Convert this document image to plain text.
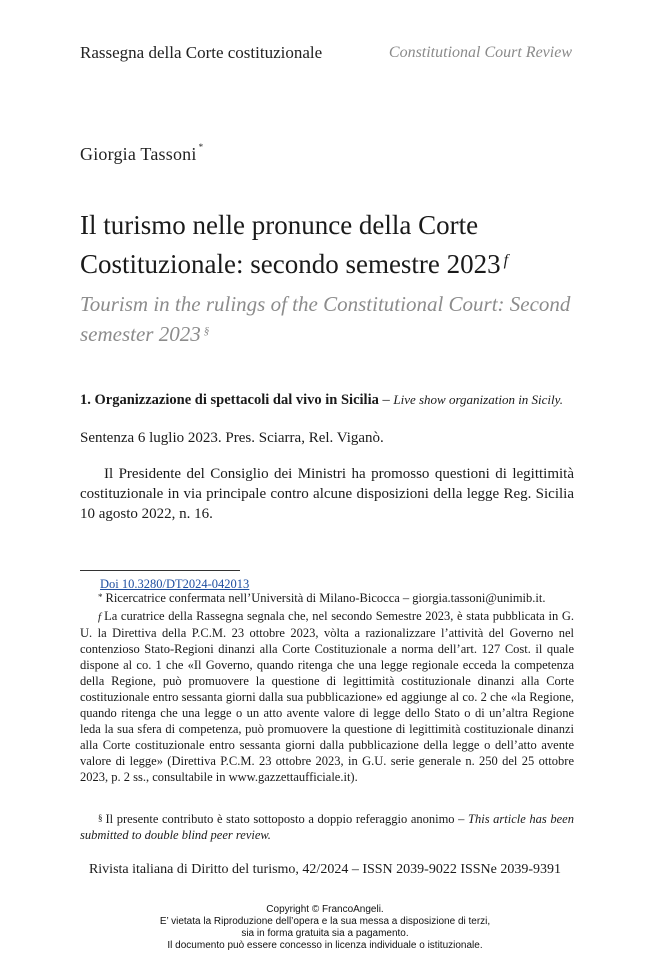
Rassegna della Corte costituzionale	Constitutional Court Review
Giorgia Tassoni *
Il turismo nelle pronunce della Corte Costituzionale: secondo semestre 2023 $^f$
Tourism in the rulings of the Constitutional Court: Second semester 2023 §
1. Organizzazione di spettacoli dal vivo in Sicilia – Live show organization in Sicily.
Sentenza 6 luglio 2023. Pres. Sciarra, Rel. Viganò.
Il Presidente del Consiglio dei Ministri ha promosso questioni di legittimità costituzionale in via principale contro alcune disposizioni della legge Reg. Sicilia 10 agosto 2022, n. 16.
Doi 10.3280/DT2024-042013
* Ricercatrice confermata nell’Università di Milano-Bicocca – giorgia.tassoni@unimib.it.
f La curatrice della Rassegna segnala che, nel secondo Semestre 2023, è stata pubblicata in G. U. la Direttiva della P.C.M. 23 ottobre 2023, vòlta a razionalizzare l’attività del Governo nel contenzioso Stato-Regioni dinanzi alla Corte Costituzionale a norma dell’art. 127 Cost. il quale dispone al co. 1 che «Il Governo, quando ritenga che una legge regionale ecceda la competenza della Regione, può promuovere la questione di legittimità costituzionale dinanzi alla Corte costituzionale entro sessanta giorni dalla sua pubblicazione» ed aggiunge al co. 2 che «la Regione, quando ritenga che una legge o un atto avente valore di legge dello Stato o di un’altra Regione leda la sua sfera di competenza, può promuovere la questione di legittimità costituzionale dinanzi alla Corte costituzionale entro sessanta giorni dalla pubblicazione della legge o dell’atto avente valore di legge» (Direttiva P.C.M. 23 ottobre 2023, in G.U. serie generale n. 250 del 25 ottobre 2023, p. 2 ss., consultabile in www.gazzettaufficiale.it).
§ Il presente contributo è stato sottoposto a doppio referaggio anonimo – This article has been submitted to double blind peer review.
Rivista italiana di Diritto del turismo, 42/2024 – ISSN 2039-9022 ISSNe 2039-9391
Copyright © FrancoAngeli.
E’ vietata la Riproduzione dell’opera e la sua messa a disposizione di terzi,
sia in forma gratuita sia a pagamento.
Il documento può essere concesso in licenza individuale o istituzionale.
